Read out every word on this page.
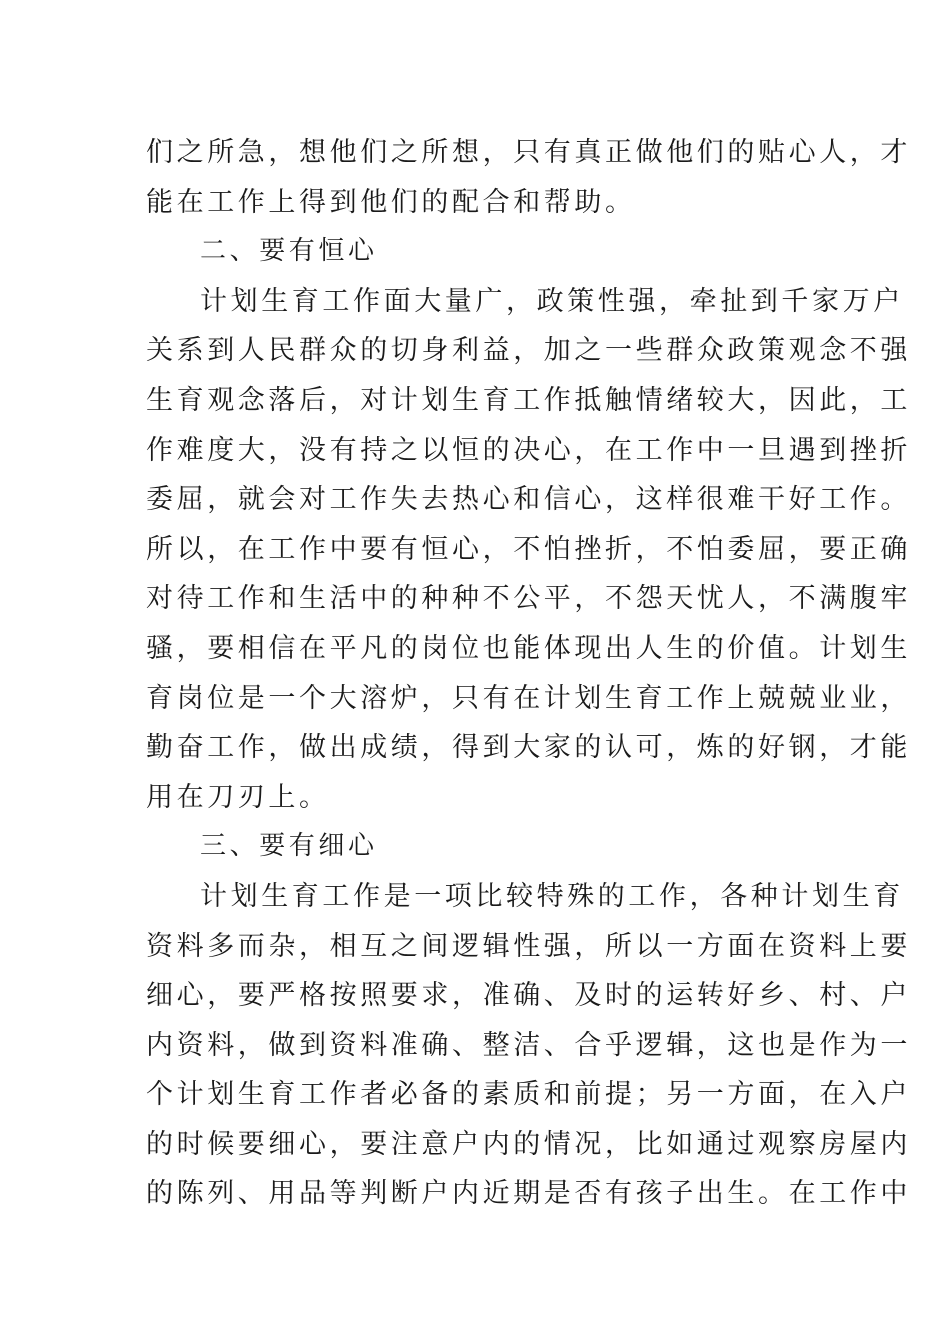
们之所急，想他们之所想，只有真正做他们的贴心人，才
能在工作上得到他们的配合和帮助。
二、要有恒心
计划生育工作面大量广，政策性强，牵扯到千家万户
关系到人民群众的切身利益，加之一些群众政策观念不强
生育观念落后，对计划生育工作抵触情绪较大，因此，工
作难度大，没有持之以恒的决心，在工作中一旦遇到挫折
委屈，就会对工作失去热心和信心，这样很难干好工作。
所以，在工作中要有恒心，不怕挫折，不怕委屈，要正确
对待工作和生活中的种种不公平，不怨天忧人，不满腹牢
骚，要相信在平凡的岗位也能体现出人生的价值。计划生
育岗位是一个大溶炉，只有在计划生育工作上兢兢业业，
勤奋工作，做出成绩，得到大家的认可，炼的好钢，才能
用在刀刃上。
三、要有细心
计划生育工作是一项比较特殊的工作，各种计划生育
资料多而杂，相互之间逻辑性强，所以一方面在资料上要
细心，要严格按照要求，准确、及时的运转好乡、村、户
内资料，做到资料准确、整洁、合乎逻辑，这也是作为一
个计划生育工作者必备的素质和前提；另一方面，在入户
的时候要细心，要注意户内的情况，比如通过观察房屋内
的陈列、用品等判断户内近期是否有孩子出生。在工作中
